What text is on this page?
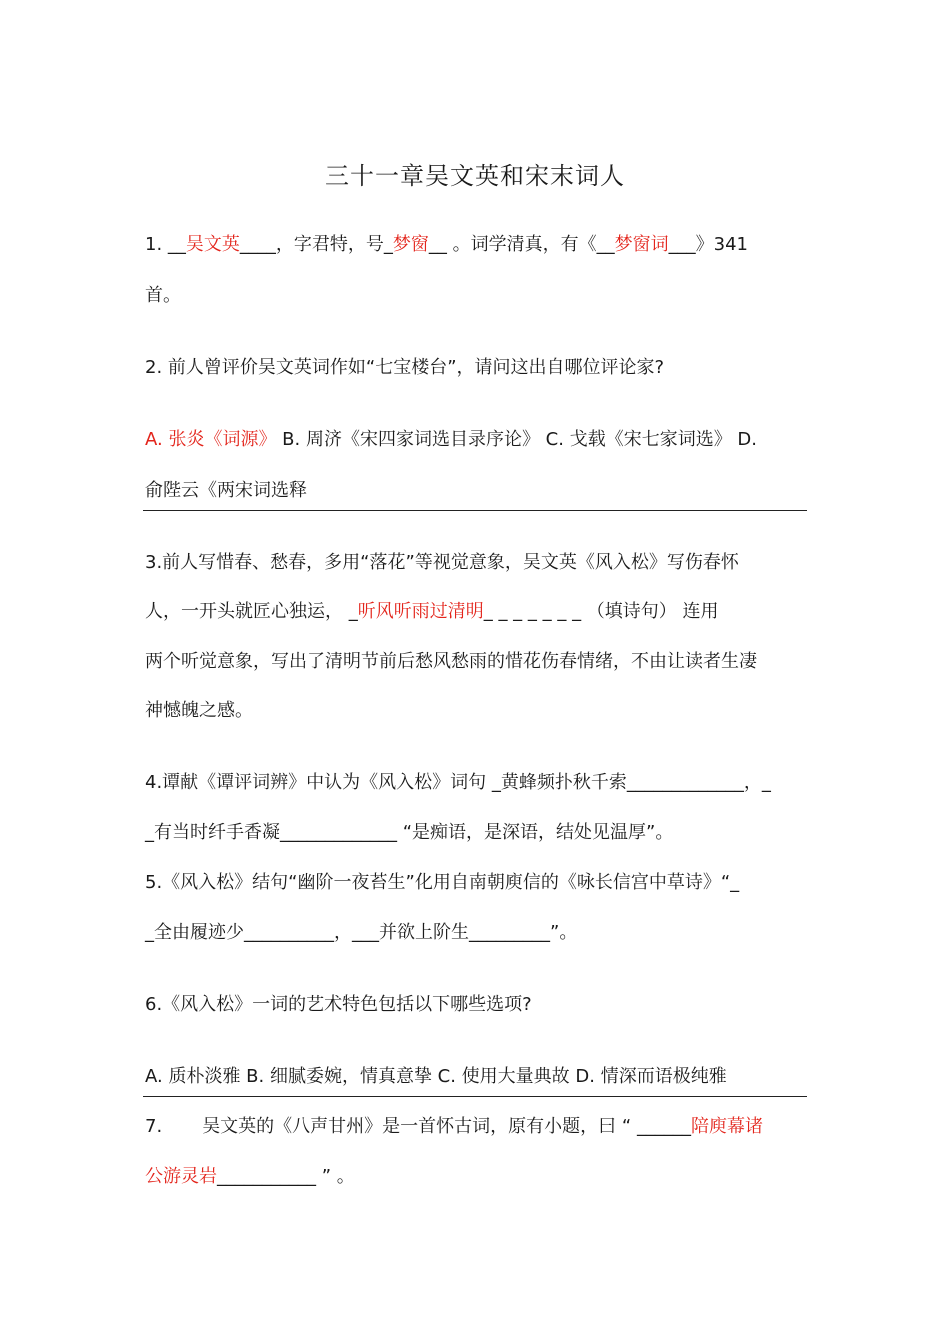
三十一章吴文英和宋末词人
1. __吴文英____，字君特，号_梦窗__ 。词学清真，有《__梦窗词___》341
首。
2. 前人曾评价吴文英词作如“七宝楼台”，请问这出自哪位评论家?
A. 张炎《词源》 B. 周济《宋四家词选目录序论》 C. 戈载《宋七家词选》 D.
俞陛云《两宋词选释
3.前人写惜春、愁春，多用“落花”等视觉意象，吴文英《风入松》写伤春怀
人，一开头就匠心独运， _听风听雨过清明_ _ _ _ _ _ _ （填诗句） 连用
两个听觉意象，写出了清明节前后愁风愁雨的惜花伤春情绪，不由让读者生凄
神憾魄之感。
4.谭献《谭评词辨》中认为《风入松》词句 _黄蜂频扑秋千索_____________，_
_有当时纤手香凝_____________ “是痴语，是深语，结处见温厚”。
5.《风入松》结句“幽阶一夜苔生”化用自南朝庾信的《咏长信宫中草诗》“_
_全由履迹少__________，___并欲上阶生_________”。
6.《风入松》一词的艺术特色包括以下哪些选项?
A. 质朴淡雅 B. 细腻委婉，情真意挚 C. 使用大量典故 D. 情深而语极纯雅
7. 吴文英的《八声甘州》是一首怀古词，原有小题，曰 “ ______陪庾幕诸
公游灵岩___________ ” 。
